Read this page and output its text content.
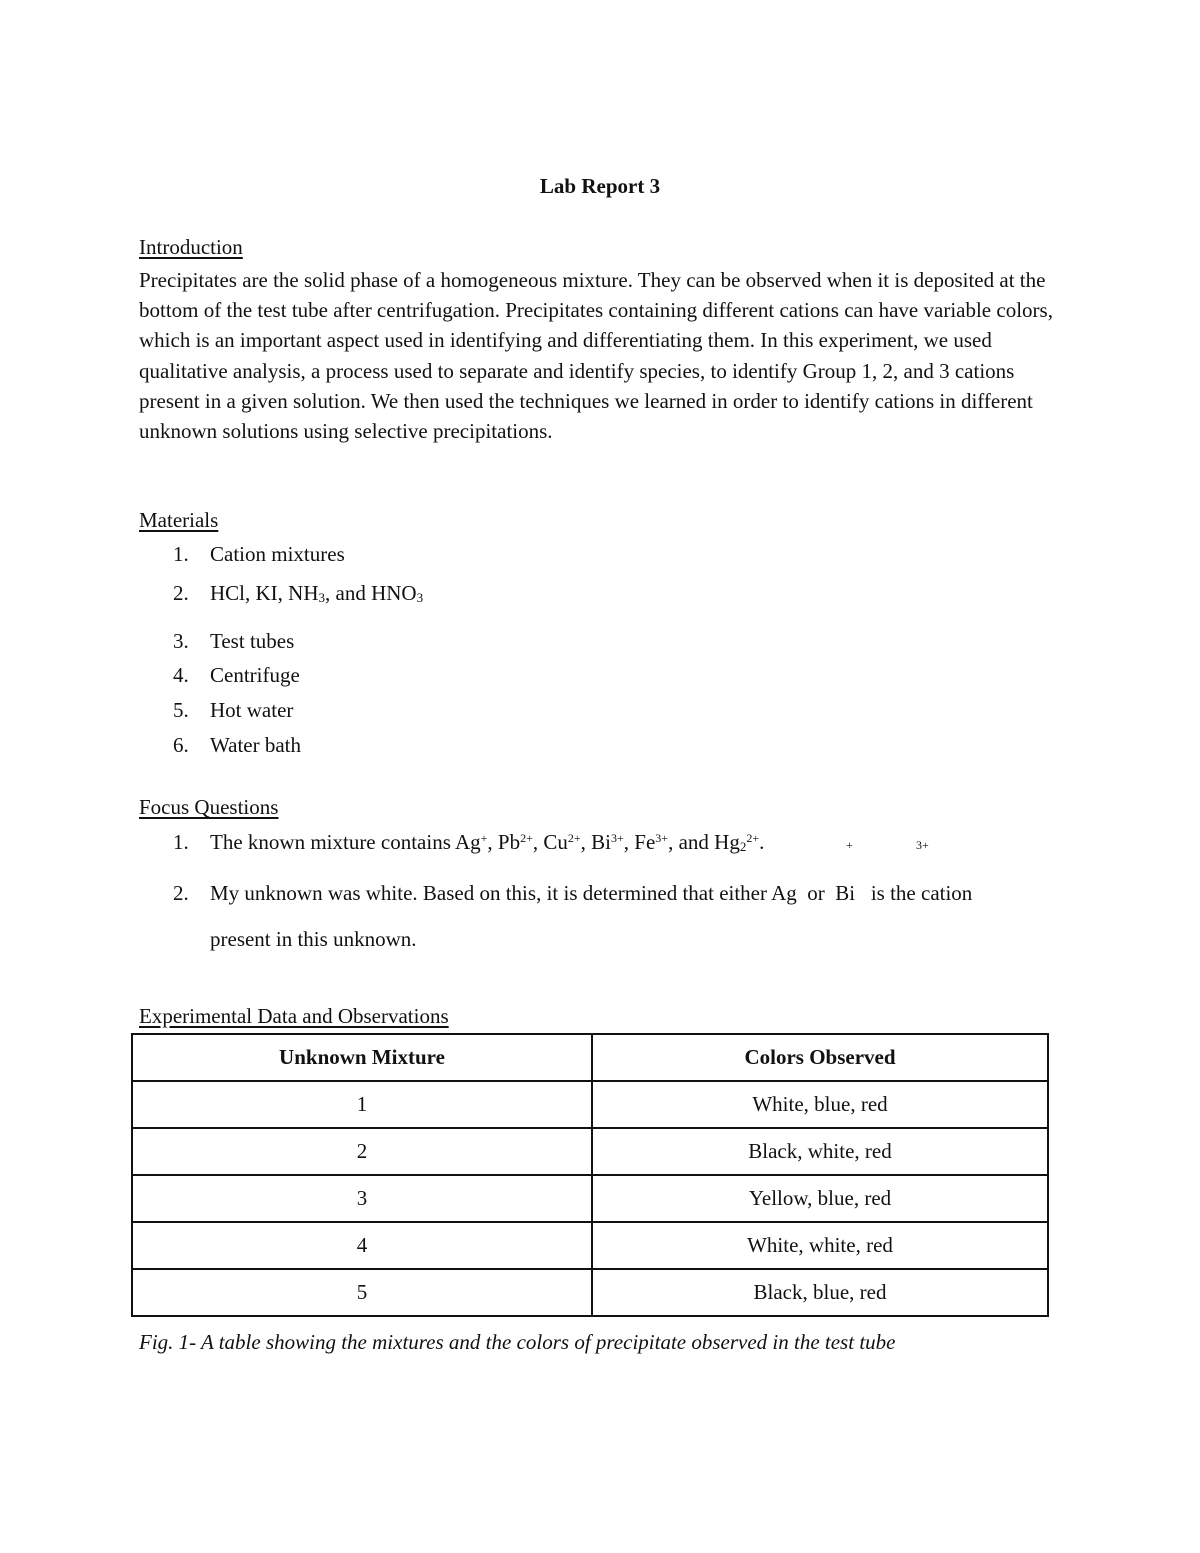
Lab Report 3
Introduction

Precipitates are the solid phase of a homogeneous mixture. They can be observed when it is deposited at the bottom of the test tube after centrifugation. Precipitates containing different cations can have variable colors, which is an important aspect used in identifying and differentiating them. In this experiment, we used qualitative analysis, a process used to separate and identify species, to identify Group 1, 2, and 3 cations present in a given solution. We then used the techniques we learned in order to identify cations in different unknown solutions using selective precipitations.

Materials
1. Cation mixtures
2. HCl, KI, $NH_3$, and $HNO_3$
3. Test tubes
4. Centrifuge
5. Hot water
6. Water bath
Focus Questions
1. The known mixture contains Ag+, $Pb^{2+}$, $Cu^{2+}$, $Bi^{3+}$, $Fe^{3+}$, and $Hg_2^{2+}$.	+	3+
2. My unknown was white. Based on this, it is determined that either Ag  or  Bi   is the cation
present in this unknown.
Experimental Data and Observations
Unknown Mixture	Colors Observed
1	White, blue, red
2	Black, white, red
3	Yellow, blue, red
4	White, white, red
5	Black, blue, red
Fig. 1- A table showing the mixtures and the colors of precipitate observed in the test tube
